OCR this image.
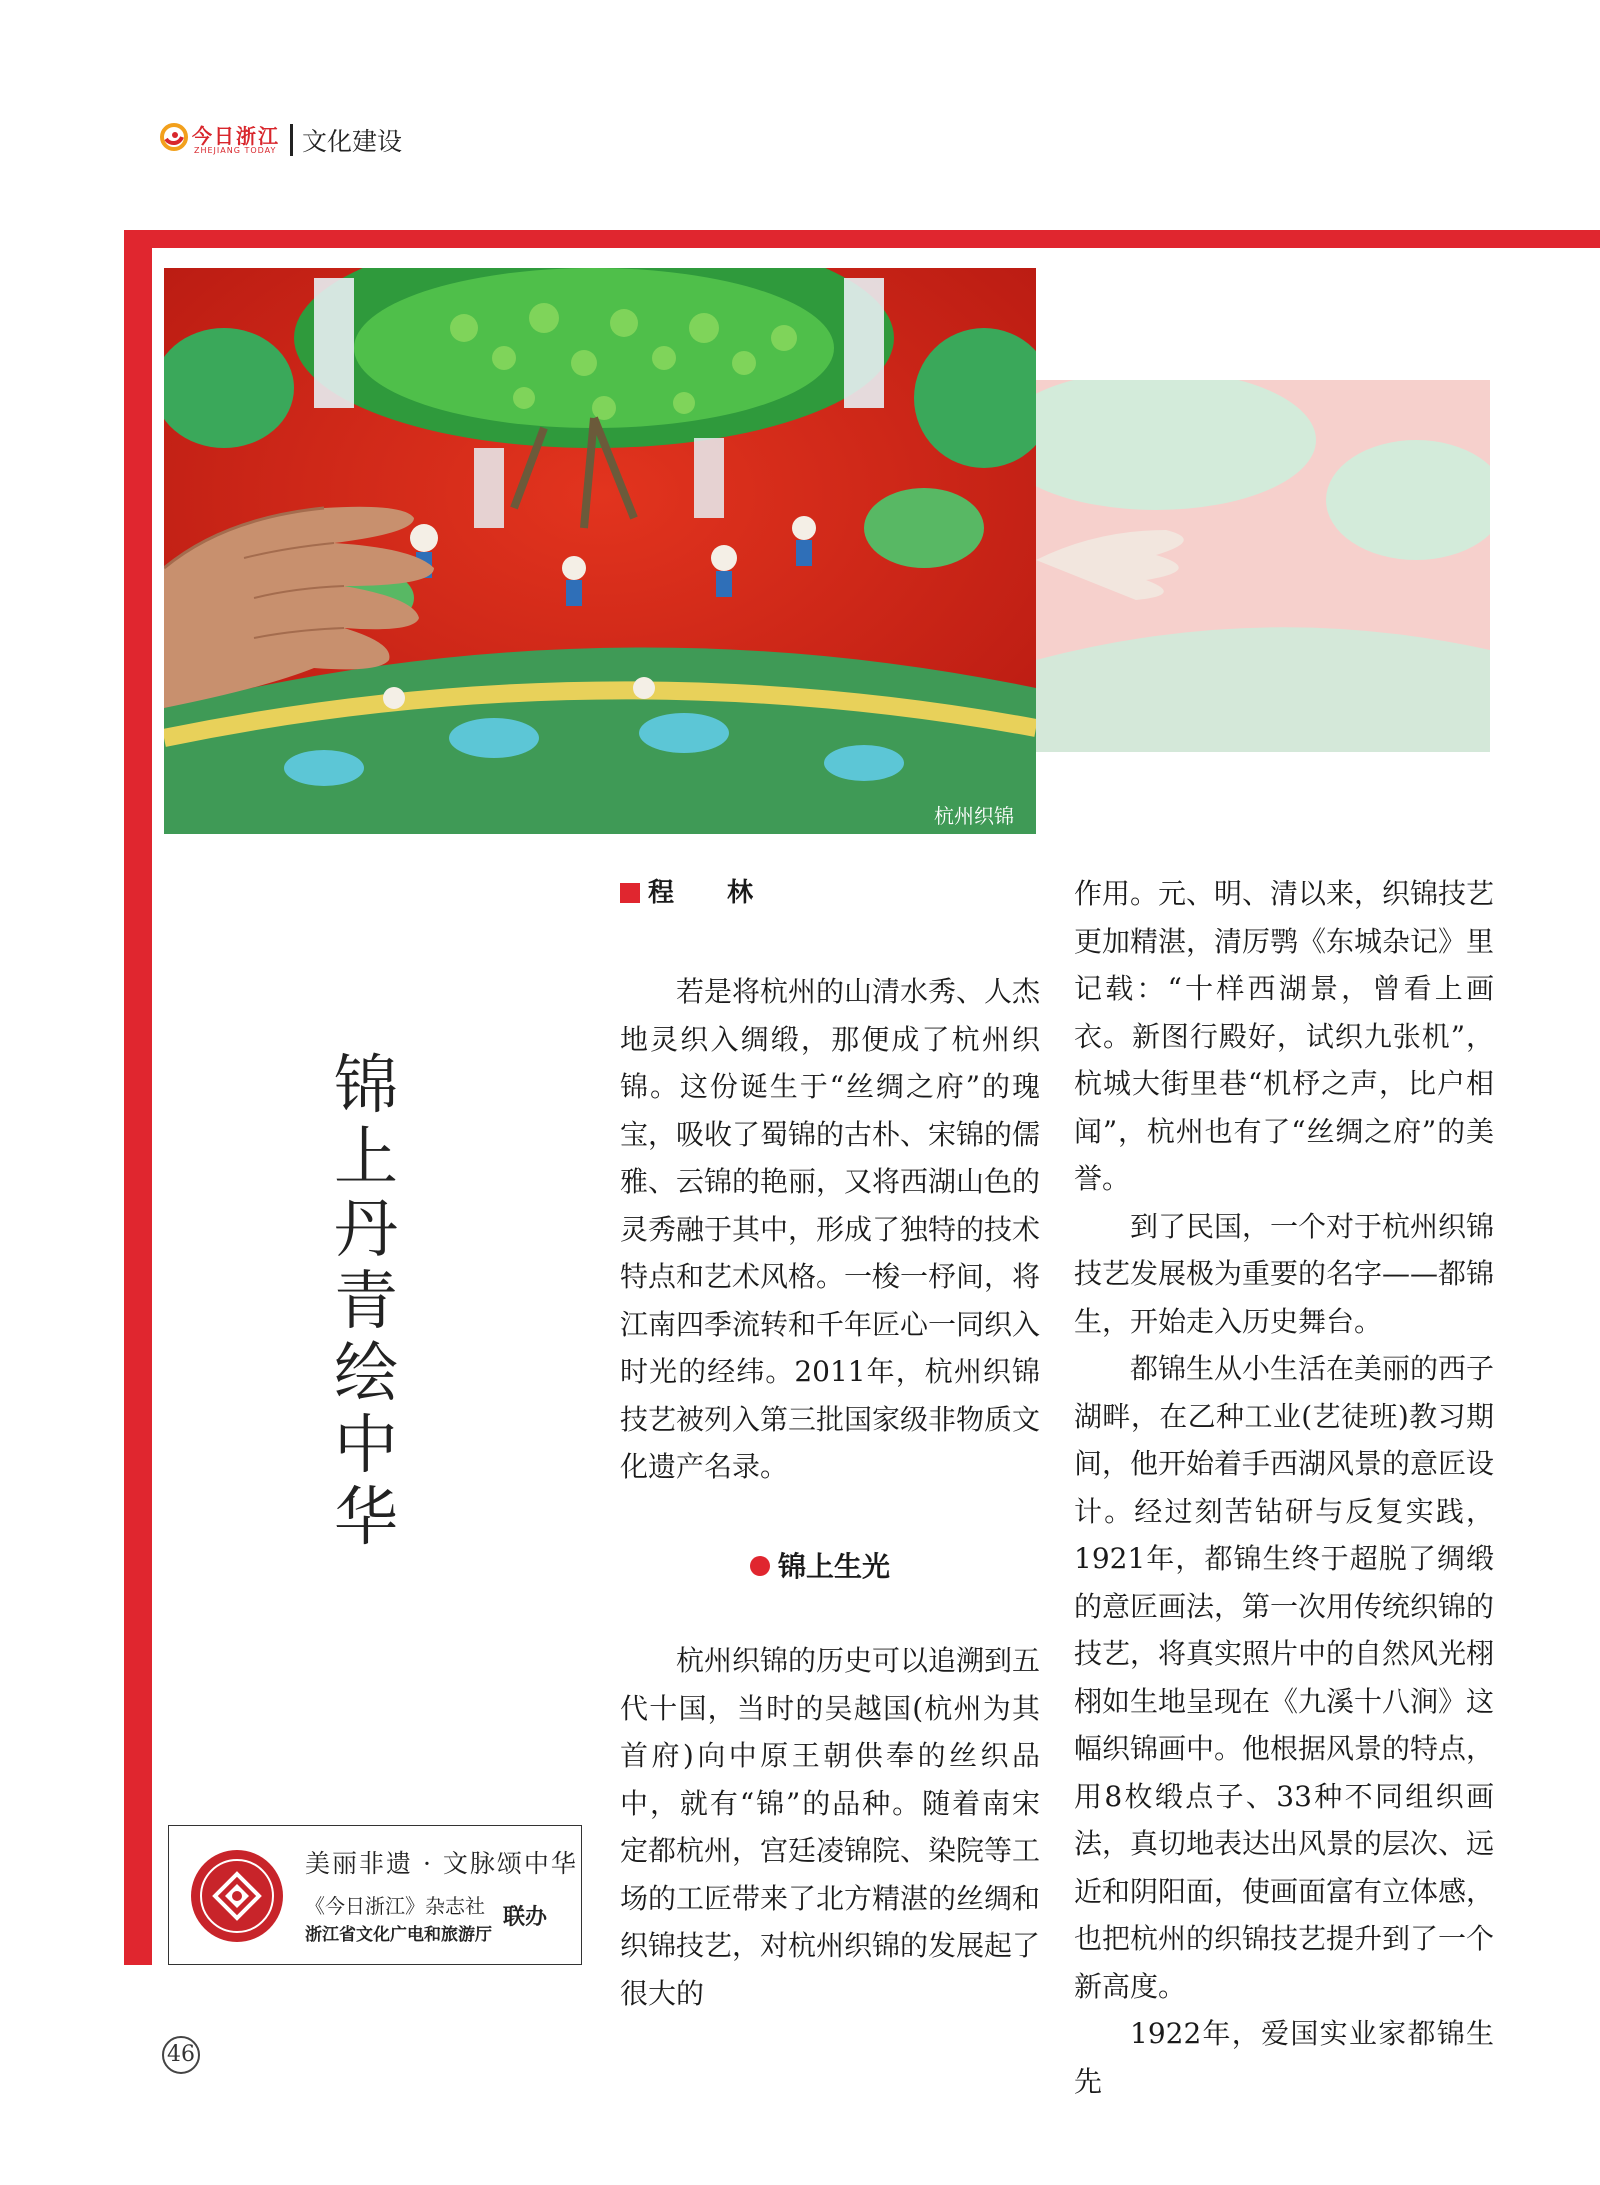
今日浙江
ZHEJIANG TODAY 文化建设
杭州织锦
锦
上
丹
青
绘
中
华
程 林

若是将杭州的山清水秀、人杰地灵织入绸缎，那便成了杭州织锦。这份诞生于“丝绸之府”的瑰宝，吸收了蜀锦的古朴、宋锦的儒雅、云锦的艳丽，又将西湖山色的灵秀融于其中，形成了独特的技术特点和艺术风格。一梭一杼间，将江南四季流转和千年匠心一同织入时光的经纬。2011年，杭州织锦技艺被列入第三批国家级非物质文化遗产名录。

锦上生光

杭州织锦的历史可以追溯到五代十国，当时的吴越国(杭州为其首府)向中原王朝供奉的丝织品中，就有“锦”的品种。随着南宋定都杭州，宫廷凌锦院、染院等工场的工匠带来了北方精湛的丝绸和织锦技艺，对杭州织锦的发展起了很大的

作用。元、明、清以来，织锦技艺更加精湛，清厉鹗《东城杂记》里记载：“十样西湖景，曾看上画衣。新图行殿好，试织九张机”，杭城大街里巷“机杼之声，比户相闻”，杭州也有了“丝绸之府”的美誉。

到了民国，一个对于杭州织锦技艺发展极为重要的名字——都锦生，开始走入历史舞台。

都锦生从小生活在美丽的西子湖畔，在乙种工业(艺徒班)教习期间，他开始着手西湖风景的意匠设计。经过刻苦钻研与反复实践，1921年，都锦生终于超脱了绸缎的意匠画法，第一次用传统织锦的技艺，将真实照片中的自然风光栩栩如生地呈现在《九溪十八涧》这幅织锦画中。他根据风景的特点，用8枚缎点子、33种不同组织画法，真切地表达出风景的层次、远近和阴阳面，使画面富有立体感，也把杭州的织锦技艺提升到了一个新高度。

1922年，爱国实业家都锦生先

美丽非遗 · 文脉颂中华
《今日浙江》杂志社
浙江省文化广电和旅游厅
联办
46
